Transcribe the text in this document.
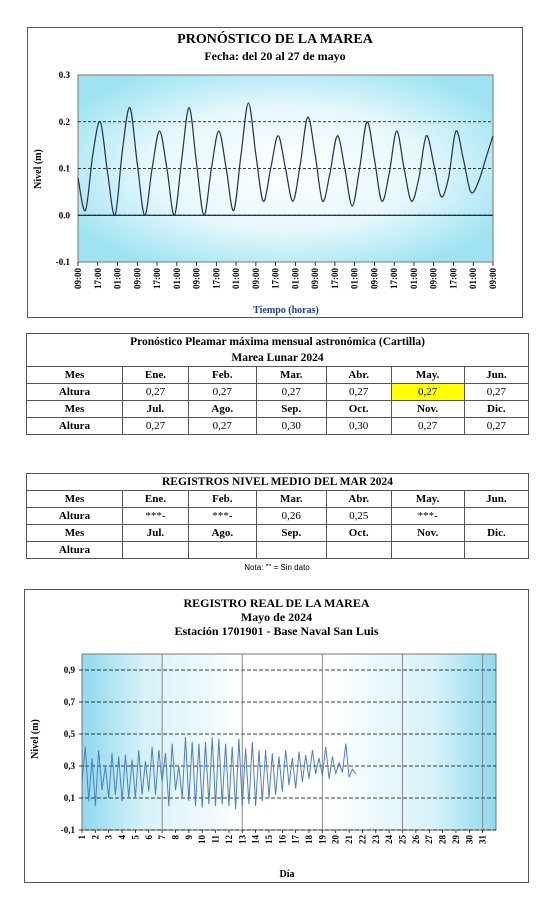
PRONÓSTICO DE LA MAREA
Fecha: del 20 al 27 de mayo
-0.1
0.0
0.1
0.2
0.3
09:00 17:00 01:00 09:00 17:00 01:00 09:00 17:00 01:00 09:00 17:00 01:00 09:00 17:00 01:00 09:00 17:00 01:00 09:00 17:00 01:00 09:00
Nivel (m)
Tiempo (horas)
Pronóstico Pleamar máxima mensual astronómica (Cartilla)						
Marea Lunar 2024						
Mes	Ene.	Feb.	Mar.	Abr.	May.	Jun.
Altura	0,27	0,27	0,27	0,27	0,27	0,27
Mes	Jul.	Ago.	Sep.	Oct.	Nov.	Dic.
Altura	0,27	0,27	0,30	0,30	0,27	0,27
REGISTROS NIVEL MEDIO DEL MAR 2024						
Mes	Ene.	Feb.	Mar.	Abr.	May.	Jun.
Altura	***-	***-	0,26	0,25	***-	
Mes	Jul.	Ago.	Sep.	Oct.	Nov.	Dic.
Altura						
Nota: "" = Sin dato
REGISTRO REAL DE LA MAREA
Mayo de 2024
Estación 1701901 - Base Naval San Luis
-0,1
0,1
0,3
0,5
0,7
0,9
1 2 3 4 5 6 7 8 9 10 11 12 13 14 15 16 17 18 19 20 21 22 23 24 25 26 27 28 29 30 31
Nivel (m)
Día
